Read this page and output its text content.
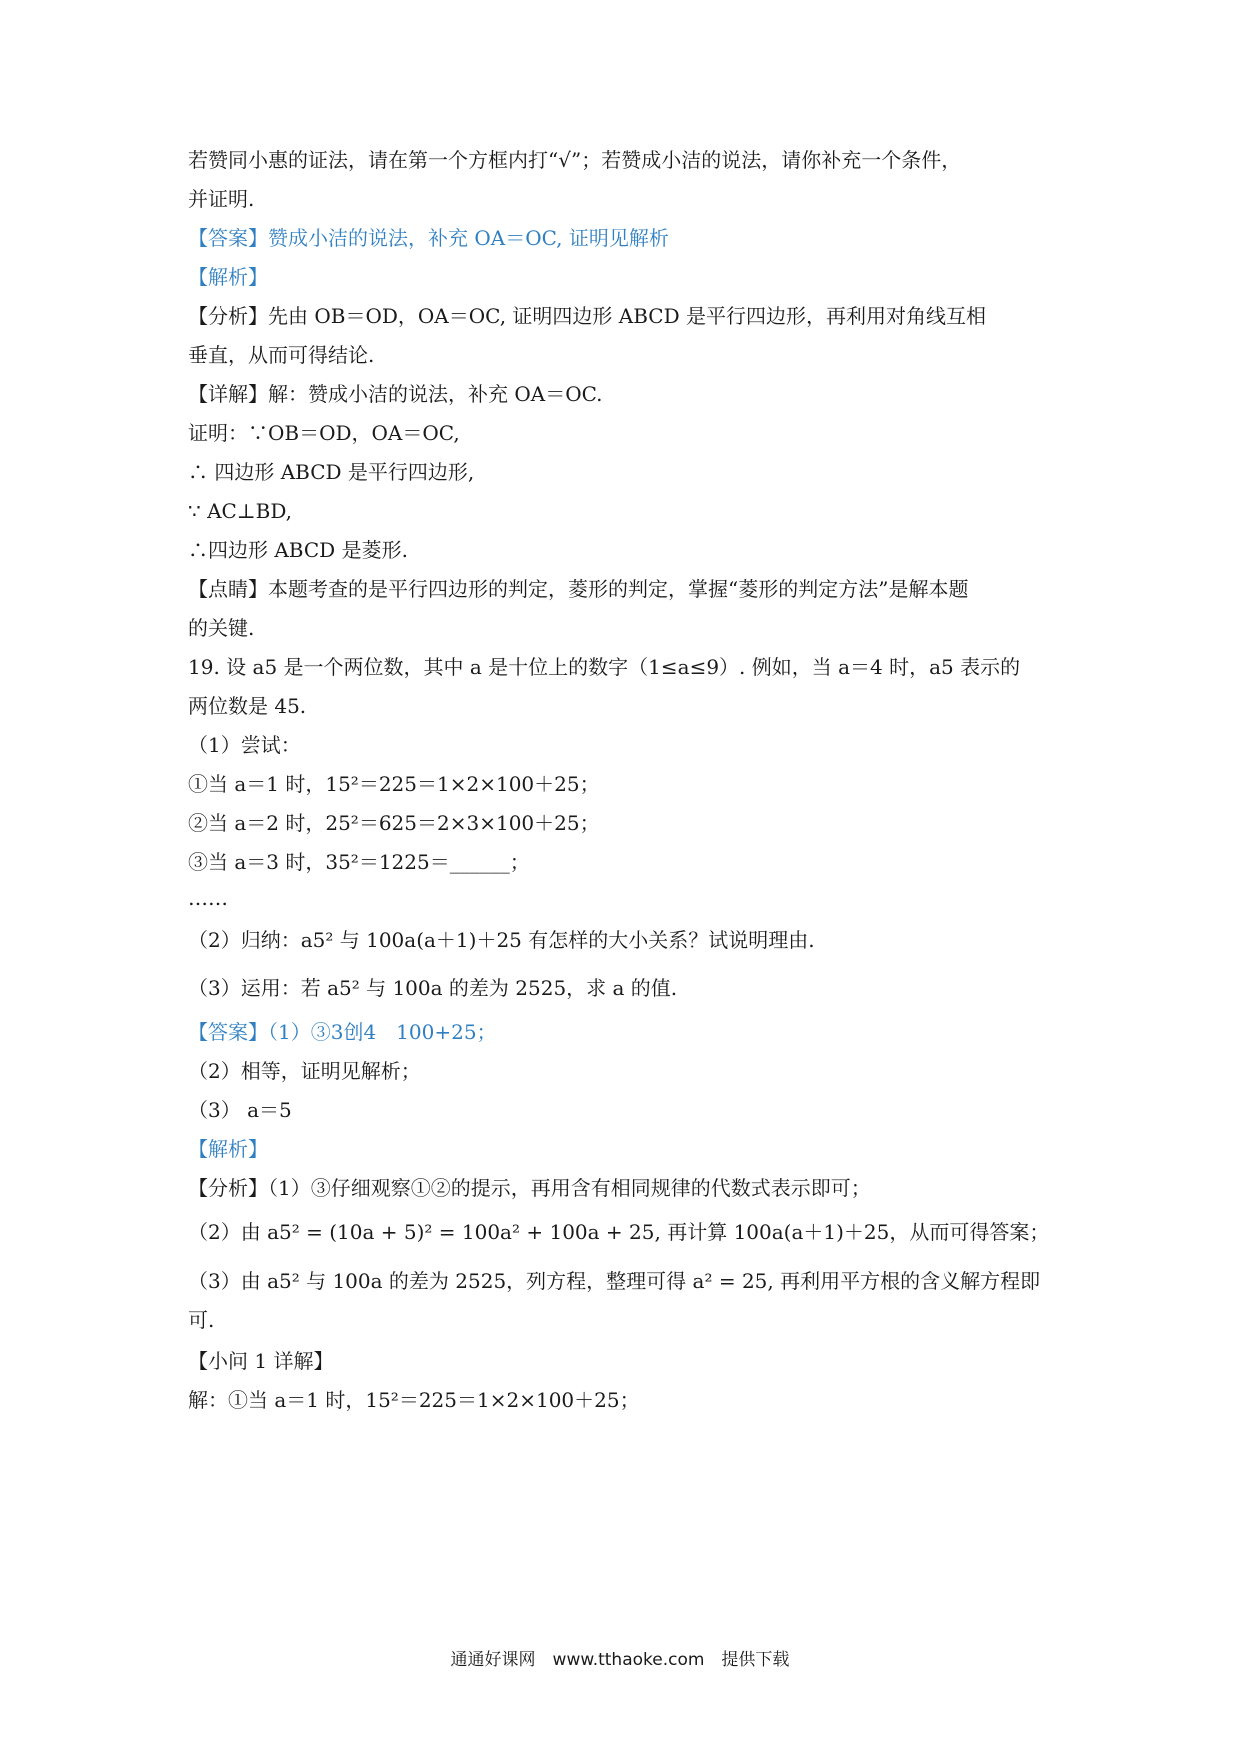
若赞同小惠的证法，请在第一个方框内打“√”；若赞成小洁的说法，请你补充一个条件，
并证明.
【答案】赞成小洁的说法，补充 OA＝OC, 证明见解析
【解析】
【分析】先由 OB＝OD，OA＝OC, 证明四边形 ABCD 是平行四边形，再利用对角线互相
垂直，从而可得结论.
【详解】解：赞成小洁的说法，补充 OA＝OC.
证明：∵OB＝OD，OA＝OC,
∴ 四边形 ABCD 是平行四边形,
∵ AC⊥BD,
∴四边形 ABCD 是菱形.
【点睛】本题考查的是平行四边形的判定，菱形的判定，掌握“菱形的判定方法”是解本题
的关键.
19. 设 a5 是一个两位数，其中 a 是十位上的数字（1≤a≤9）. 例如，当 a＝4 时，a5 表示的
两位数是 45.
（1）尝试：
①当 a＝1 时，15²＝225＝1×2×100＋25；
②当 a＝2 时，25²＝625＝2×3×100＋25；
③当 a＝3 时，35²＝1225＝______；
……
（2）归纳：a5² 与 100a(a＋1)＋25 有怎样的大小关系？试说明理由.
（3）运用：若 a5² 与 100a 的差为 2525，求 a 的值.
【答案】（1）③3创4　100+25；
（2）相等，证明见解析；
（3） a＝5
【解析】
【分析】（1）③仔细观察①②的提示，再用含有相同规律的代数式表示即可；
（2）由 a5² = (10a + 5)² = 100a² + 100a + 25, 再计算 100a(a＋1)＋25，从而可得答案；
（3）由 a5² 与 100a 的差为 2525，列方程，整理可得 a² = 25, 再利用平方根的含义解方程即
可.
【小问 1 详解】
解：①当 a＝1 时，15²＝225＝1×2×100＋25；
通通好课网　www.tthaoke.com　提供下载
